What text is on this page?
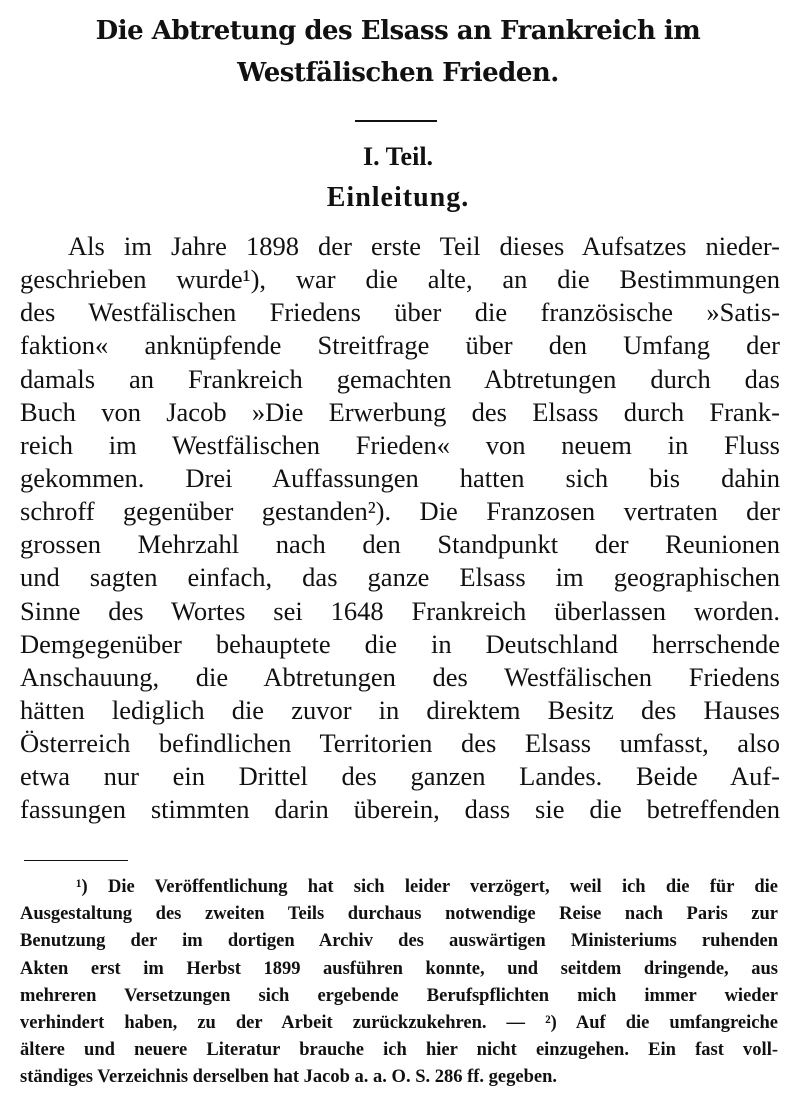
Die Abtretung des Elsass an Frankreich im
Westfälischen Frieden.
I. Teil.
Einleitung.
Als im Jahre 1898 der erste Teil dieses Aufsatzes nieder-
geschrieben wurde¹), war die alte, an die Bestimmungen
des Westfälischen Friedens über die französische »Satis-
faktion« anknüpfende Streitfrage über den Umfang der
damals an Frankreich gemachten Abtretungen durch das
Buch von Jacob »Die Erwerbung des Elsass durch Frank-
reich im Westfälischen Frieden« von neuem in Fluss
gekommen. Drei Auffassungen hatten sich bis dahin
schroff gegenüber gestanden²). Die Franzosen vertraten der
grossen Mehrzahl nach den Standpunkt der Reunionen
und sagten einfach, das ganze Elsass im geographischen
Sinne des Wortes sei 1648 Frankreich überlassen worden.
Demgegenüber behauptete die in Deutschland herrschende
Anschauung, die Abtretungen des Westfälischen Friedens
hätten lediglich die zuvor in direktem Besitz des Hauses
Österreich befindlichen Territorien des Elsass umfasst, also
etwa nur ein Drittel des ganzen Landes. Beide Auf-
fassungen stimmten darin überein, dass sie die betreffenden
¹) Die Veröffentlichung hat sich leider verzögert, weil ich die für die
Ausgestaltung des zweiten Teils durchaus notwendige Reise nach Paris zur
Benutzung der im dortigen Archiv des auswärtigen Ministeriums ruhenden
Akten erst im Herbst 1899 ausführen konnte, und seitdem dringende, aus
mehreren Versetzungen sich ergebende Berufspflichten mich immer wieder
verhindert haben, zu der Arbeit zurückzukehren. — ²) Auf die umfangreiche
ältere und neuere Literatur brauche ich hier nicht einzugehen. Ein fast voll-
ständiges Verzeichnis derselben hat Jacob a. a. O. S. 286 ff. gegeben.
